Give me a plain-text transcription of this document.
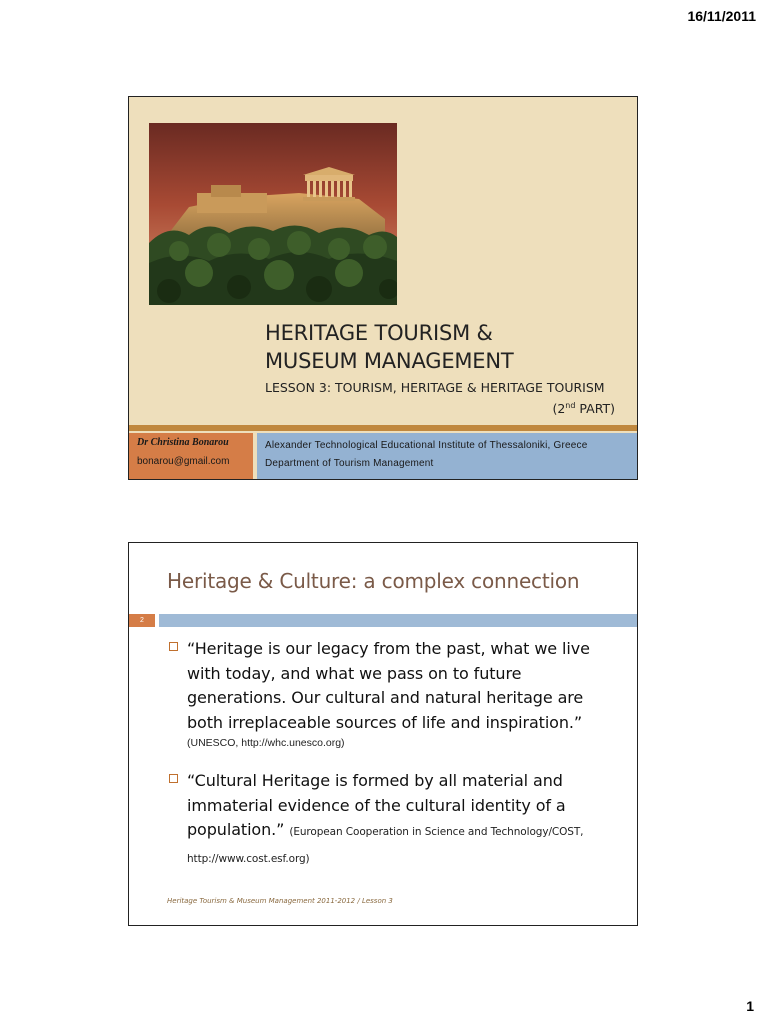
16/11/2011
HERITAGE TOURISM &
MUSEUM MANAGEMENT
LESSON 3: TOURISM, HERITAGE & HERITAGE TOURISM
(2nd PART)
Dr Christina Bonarou
bonarou@gmail.com
Alexander Technological Educational Institute of Thessaloniki, Greece
Department of Tourism Management
Heritage & Culture: a complex connection
2
“Heritage is our legacy from the past, what we live with today, and what we pass on to future generations. Our cultural and natural heritage are both irreplaceable sources of life and inspiration.”
(UNESCO, http://whc.unesco.org)
“Cultural Heritage is formed by all material and immaterial evidence of the cultural identity of a population.” (European Cooperation in Science and Technology/COST, http://www.cost.esf.org)
Heritage Tourism & Museum Management 2011-2012 / Lesson 3
1
